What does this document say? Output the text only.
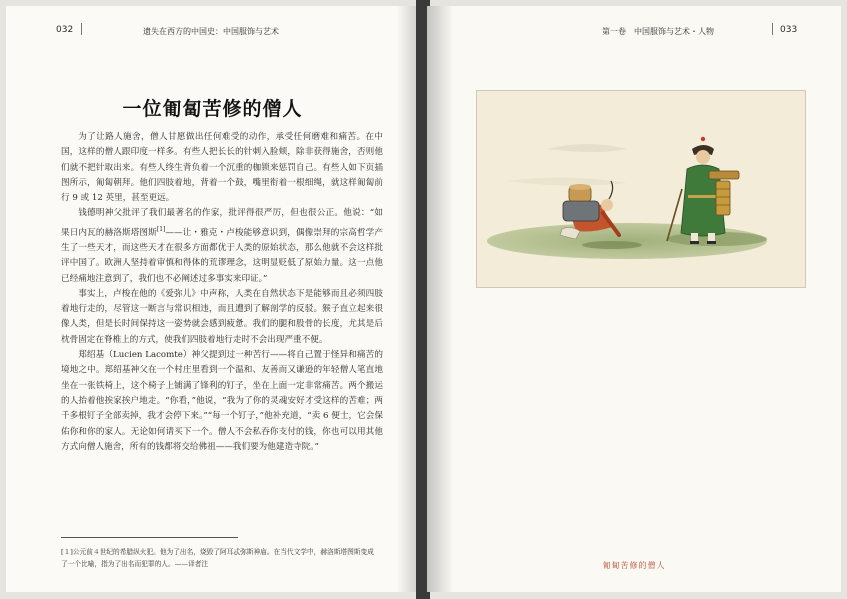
032	遗失在西方的中国史：中国服饰与艺术
一位匍匐苦修的僧人

为了让路人施舍，僧人甘愿做出任何难受的动作，承受任何磨难和痛苦。在中国，这样的僧人跟印度一样多。有些人把长长的针刺入脸颊，除非获得施舍，否则他们就不把针取出来。有些人终生背负着一个沉重的枷锁来惩罚自己。有些人如下页插图所示，匍匐朝拜。他们四肢着地，背着一个鼓，嘴里衔着一根细绳，就这样匍匐前行 9 或 12 英里，甚至更远。

钱德明神父批评了我们最著名的作家，批评得很严厉，但也很公正。他说：“如果日内瓦的赫洛斯塔图斯[1]——让・雅克・卢梭能够意识到，偶像崇拜的宗高哲学产生了一些天才，而这些天才在很多方面都优于人类的原始状态，那么他就不会这样批评中国了。欧洲人坚持着审慎和得体的荒谬理念，这明显贬低了原始力量。这一点他已经痛地注意到了，我们也不必阐述过多事实来印证。”

事实上，卢梭在他的《爱弥儿》中声称，人类在自然状态下是能够而且必须四肢着地行走的，尽管这一断言与常识相违，而且遭到了解剖学的反驳。猴子直立起来很像人类，但是长时间保持这一姿势就会感到疲惫。我们的腿和股骨的长度，尤其是后枕骨固定在脊椎上的方式，使我们四肢着地行走时不会出现严重不便。

郑绍基（Lucien Lacomte）神父提到过一种苦行——将自己置于怪异和痛苦的境地之中。郑绍基神父在一个村庄里看到一个温和、友善而又谦逊的年轻僧人笔直地坐在一张铁椅上，这个椅子上铺满了锋利的钉子，坐在上面一定非常痛苦。两个搬运的人抬着他挨家挨户地走。“你看，”他说，“我为了你的灵魂安好才受这样的苦难；两千多根钉子全部卖掉，我才会停下来。”“每一个钉子，”他补充道，“卖 6 便士，它会保佑你和你的家人。无论如何请买下一个。僧人不会私吞你支付的钱，你也可以用其他方式向僧人施舍，所有的钱都将交给佛祖——我们要为他建造寺院。”

[１]公元前４世纪的希腊纵火犯。他为了出名，烧毁了阿耳忒弥斯神庙。在当代文学中，赫洛斯塔图斯变成了一个比喻，指为了出名而犯罪的人。——译者注
第一卷　中国服饰与艺术・人物	033
匍匐苦修的僧人
